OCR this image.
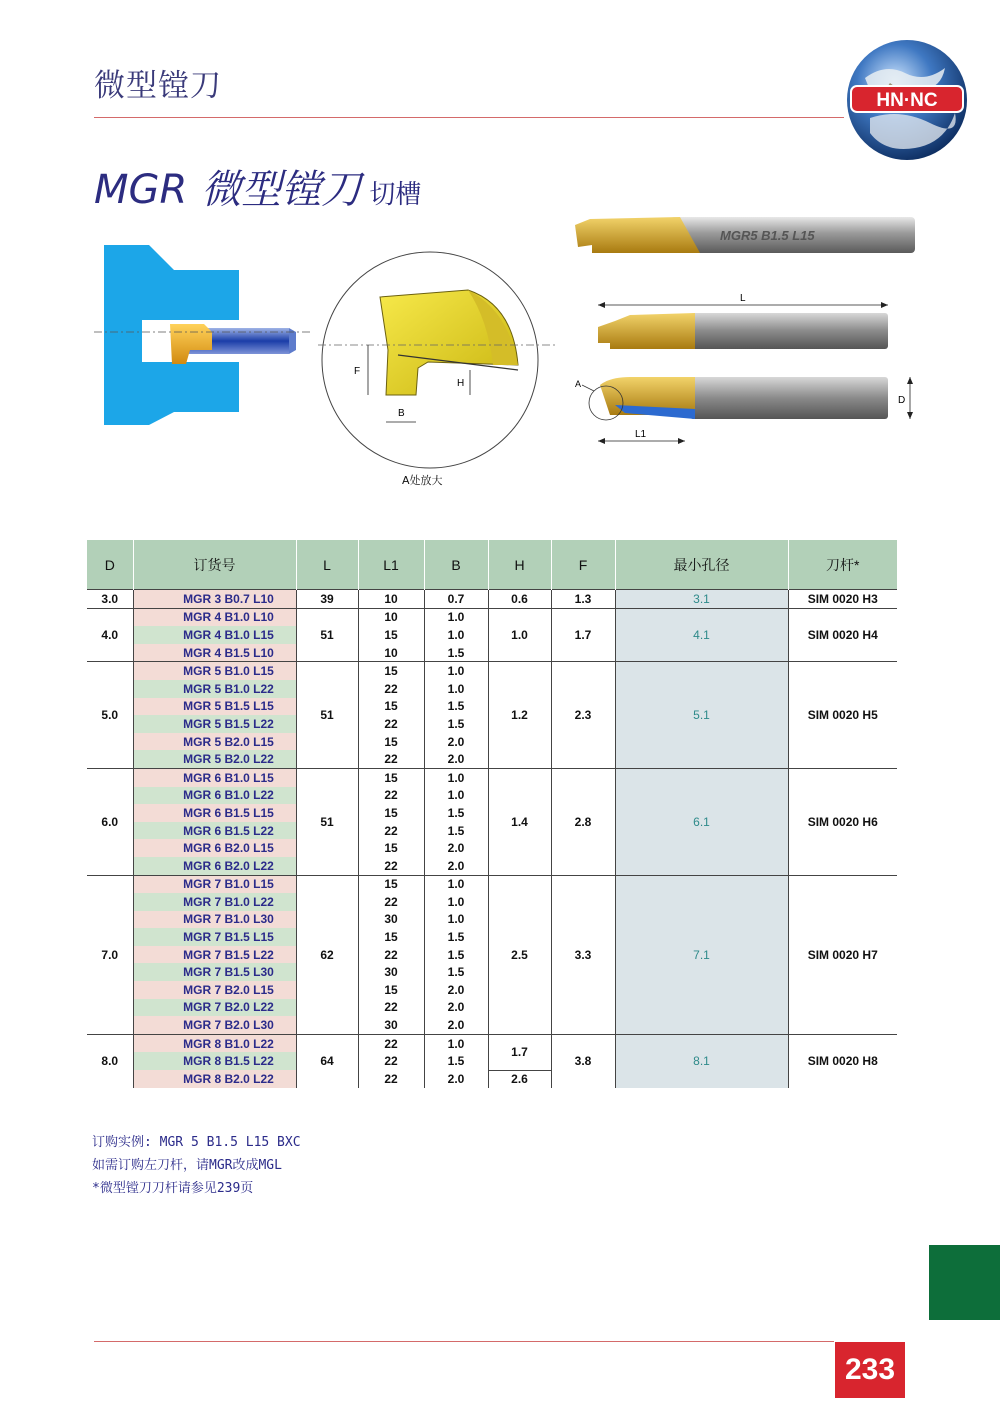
微型镗刀	HN·NC
MGR 微型镗刀 切槽
F
H
B
A处放大
MGR5 B1.5 L15
L
A
L1
D
D	订货号	L	L1	B	H	F	最小孔径	刀杆*
3.0	MGR 3 B0.7 L10	39	10	0.7	0.6	1.3	3.1	SIM 0020 H3
4.0	MGR 4 B1.0 L10	51	10	1.0	1.0	1.7	4.1	SIM 0020 H4
	MGR 4 B1.0 L15		15	1.0				
	MGR 4 B1.5 L10		10	1.5				
5.0	MGR 5 B1.0 L15	51	15	1.0	1.2	2.3	5.1	SIM 0020 H5
	MGR 5 B1.0 L22		22	1.0				
	MGR 5 B1.5 L15		15	1.5				
	MGR 5 B1.5 L22		22	1.5				
	MGR 5 B2.0 L15		15	2.0				
	MGR 5 B2.0 L22		22	2.0				
6.0	MGR 6 B1.0 L15	51	15	1.0	1.4	2.8	6.1	SIM 0020 H6
	MGR 6 B1.0 L22		22	1.0				
	MGR 6 B1.5 L15		15	1.5				
	MGR 6 B1.5 L22		22	1.5				
	MGR 6 B2.0 L15		15	2.0				
	MGR 6 B2.0 L22		22	2.0				
7.0	MGR 7 B1.0 L15	62	15	1.0	2.5	3.3	7.1	SIM 0020 H7
	MGR 7 B1.0 L22		22	1.0				
	MGR 7 B1.0 L30		30	1.0				
	MGR 7 B1.5 L15		15	1.5				
	MGR 7 B1.5 L22		22	1.5				
	MGR 7 B1.5 L30		30	1.5				
	MGR 7 B2.0 L15		15	2.0				
	MGR 7 B2.0 L22		22	2.0				
	MGR 7 B2.0 L30		30	2.0				
8.0	MGR 8 B1.0 L22	64	22	1.0	1.7	3.8	8.1	SIM 0020 H8
	MGR 8 B1.5 L22		22	1.5				
	MGR 8 B2.0 L22		22	2.0	2.6			
订购实例: MGR 5 B1.5 L15 BXC
如需订购左刀杆，请MGR改成MGL
*微型镗刀刀杆请参见239页
233
